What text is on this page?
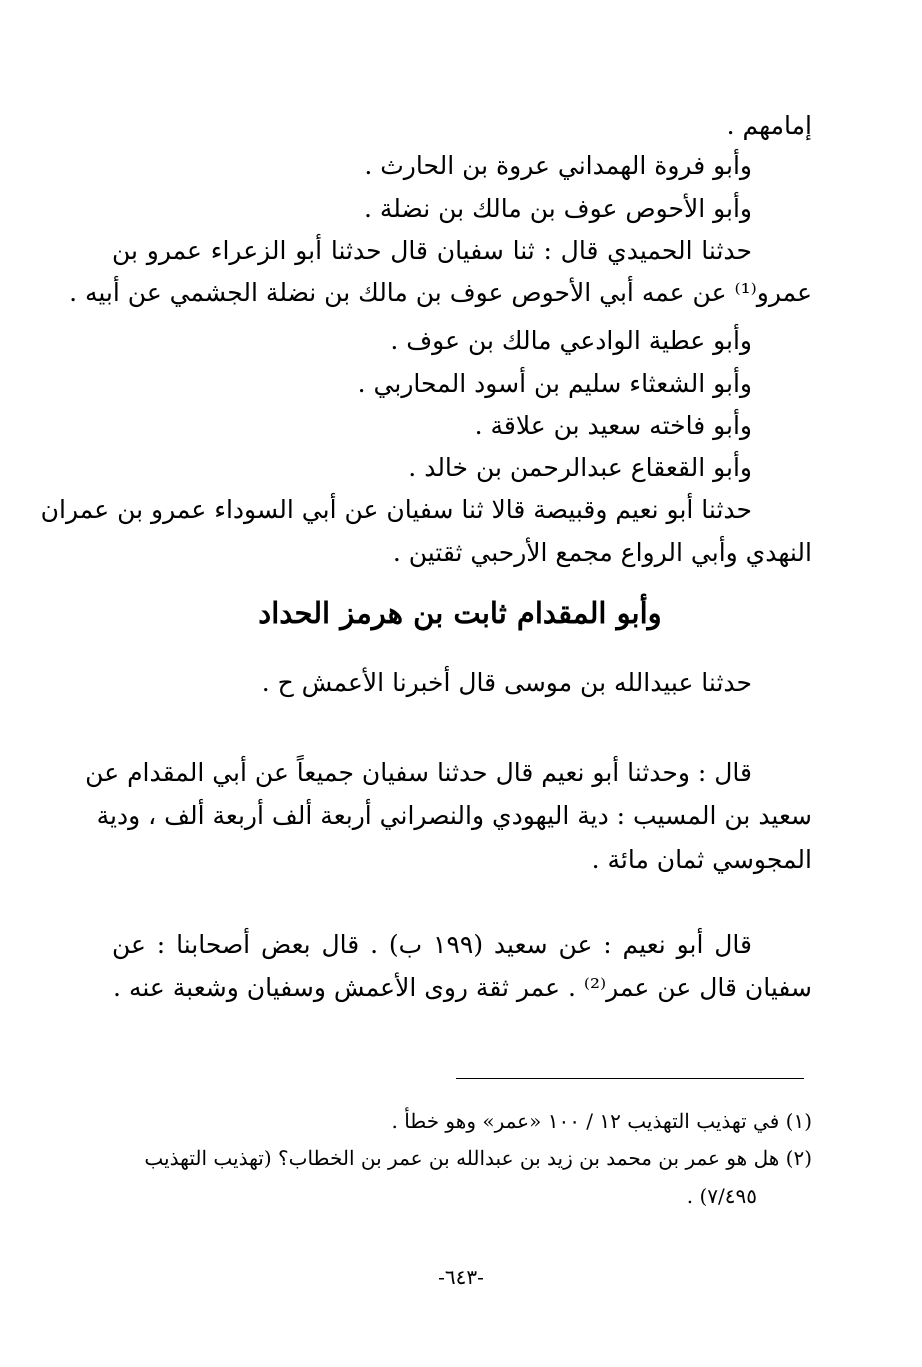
إمامهم .
وأبو فروة الهمداني عروة بن الحارث .
وأبو الأحوص عوف بن مالك بن نضلة .
حدثنا الحميدي قال : ثنا سفيان قال حدثنا أبو الزعراء عمرو بن
عمرو⁽¹⁾ عن عمه أبي الأحوص عوف بن مالك بن نضلة الجشمي عن أبيه .
وأبو عطية الوادعي مالك بن عوف .
وأبو الشعثاء سليم بن أسود المحاربي .
وأبو فاخته سعيد بن علاقة .
وأبو القعقاع عبدالرحمن بن خالد .
حدثنا أبو نعيم وقبيصة قالا ثنا سفيان عن أبي السوداء عمرو بن عمران
النهدي وأبي الرواع مجمع الأرحبي ثقتين .
وأبو المقدام ثابت بن هرمز الحداد
حدثنا عبيدالله بن موسى قال أخبرنا الأعمش ح .
قال : وحدثنا أبو نعيم قال حدثنا سفيان جميعاً عن أبي المقدام عن
سعيد بن المسيب : دية اليهودي والنصراني أربعة ألف أربعة ألف ، ودية
المجوسي ثمان مائة .
قال أبو نعيم : عن سعيد (١٩٩ ب) . قال بعض أصحابنا : عن
سفيان قال عن عمر⁽²⁾ . عمر ثقة روى الأعمش وسفيان وشعبة عنه .
(١) في تهذيب التهذيب ١٢ / ١٠٠ «عمر» وهو خطأ .
(٢) هل هو عمر بن محمد بن زيد بن عبدالله بن عمر بن الخطاب؟ (تهذيب التهذيب
٧/٤٩٥) .
-٦٤٣-
